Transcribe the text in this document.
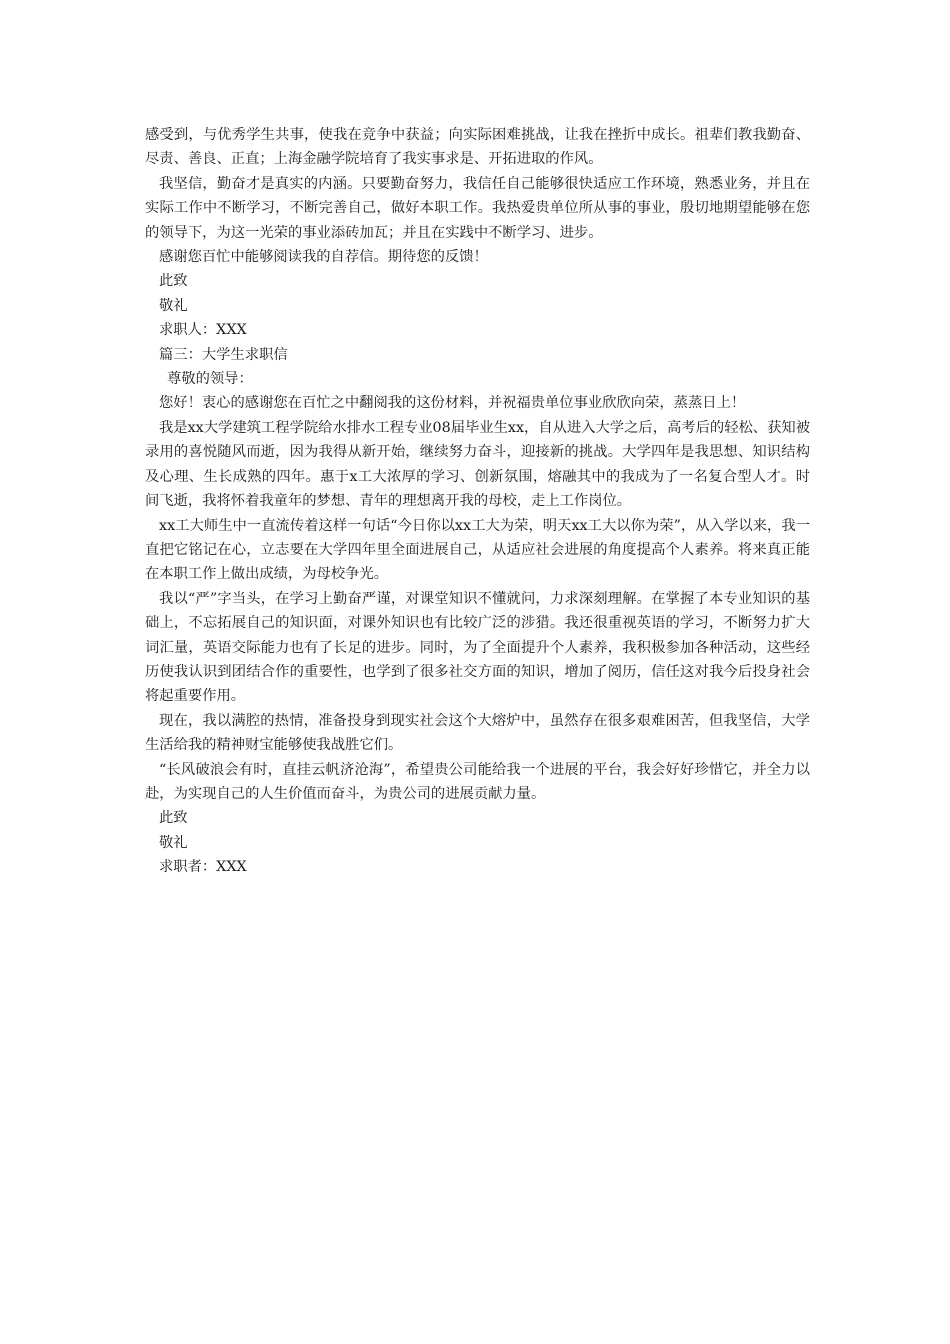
感受到，与优秀学生共事，使我在竞争中获益；向实际困难挑战，让我在挫折中成长。祖辈们教我勤奋、尽责、善良、正直；上海金融学院培育了我实事求是、开拓进取的作风。

我坚信，勤奋才是真实的内涵。只要勤奋努力，我信任自己能够很快适应工作环境，熟悉业务，并且在实际工作中不断学习，不断完善自己，做好本职工作。我热爱贵单位所从事的事业，殷切地期望能够在您的领导下，为这一光荣的事业添砖加瓦；并且在实践中不断学习、进步。

感谢您百忙中能够阅读我的自荐信。期待您的反馈！

此致

敬礼

求职人：XXX

篇三：大学生求职信

尊敬的领导：

您好！衷心的感谢您在百忙之中翻阅我的这份材料，并祝福贵单位事业欣欣向荣，蒸蒸日上！

我是xx大学建筑工程学院给水排水工程专业08届毕业生xx，自从进入大学之后，高考后的轻松、获知被录用的喜悦随风而逝，因为我得从新开始，继续努力奋斗，迎接新的挑战。大学四年是我思想、知识结构及心理、生长成熟的四年。惠于x工大浓厚的学习、创新氛围，熔融其中的我成为了一名复合型人才。时间飞逝，我将怀着我童年的梦想、青年的理想离开我的母校，走上工作岗位。

xx工大师生中一直流传着这样一句话“今日你以xx工大为荣，明天xx工大以你为荣”，从入学以来，我一直把它铭记在心，立志要在大学四年里全面进展自己，从适应社会进展的角度提高个人素养。将来真正能在本职工作上做出成绩，为母校争光。

我以“严”字当头，在学习上勤奋严谨，对课堂知识不懂就问，力求深刻理解。在掌握了本专业知识的基础上，不忘拓展自己的知识面，对课外知识也有比较广泛的涉猎。我还很重视英语的学习，不断努力扩大词汇量，英语交际能力也有了长足的进步。同时，为了全面提升个人素养，我积极参加各种活动，这些经历使我认识到团结合作的重要性，也学到了很多社交方面的知识，增加了阅历，信任这对我今后投身社会将起重要作用。

现在，我以满腔的热情，准备投身到现实社会这个大熔炉中，虽然存在很多艰难困苦，但我坚信，大学生活给我的精神财宝能够使我战胜它们。

“长风破浪会有时，直挂云帆济沧海”，希望贵公司能给我一个进展的平台，我会好好珍惜它，并全力以赴，为实现自己的人生价值而奋斗，为贵公司的进展贡献力量。

此致

敬礼

求职者：XXX
